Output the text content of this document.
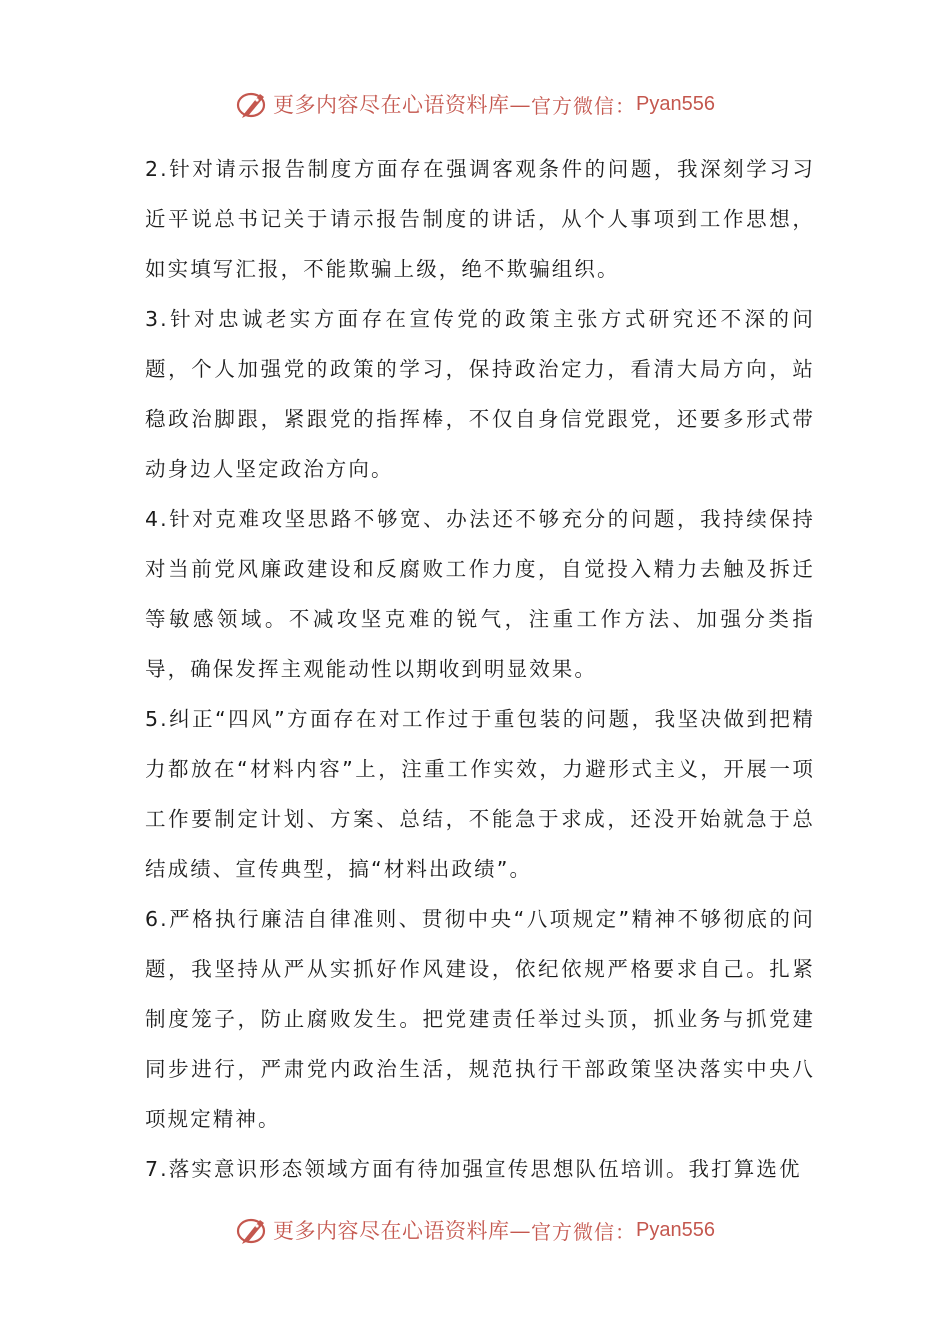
更多内容尽在心语资料库— 官方微信： Pyan556

2.针对请示报告制度方面存在强调客观条件的问题，我深刻学习习近平说总书记关于请示报告制度的讲话，从个人事项到工作思想，如实填写汇报，不能欺骗上级，绝不欺骗组织。

3.针对忠诚老实方面存在宣传党的政策主张方式研究还不深的问题，个人加强党的政策的学习，保持政治定力，看清大局方向，站稳政治脚跟，紧跟党的指挥棒，不仅自身信党跟党，还要多形式带动身边人坚定政治方向。

4.针对克难攻坚思路不够宽、办法还不够充分的问题，我持续保持对当前党风廉政建设和反腐败工作力度，自觉投入精力去触及拆迁等敏感领域。不减攻坚克难的锐气，注重工作方法、加强分类指导，确保发挥主观能动性以期收到明显效果。

5.纠正“四风”方面存在对工作过于重包装的问题，我坚决做到把精力都放在“材料内容”上，注重工作实效，力避形式主义，开展一项工作要制定计划、方案、总结，不能急于求成，还没开始就急于总结成绩、宣传典型，搞“材料出政绩”。

6.严格执行廉洁自律准则、贯彻中央“八项规定”精神不够彻底的问题，我坚持从严从实抓好作风建设，依纪依规严格要求自己。扎紧制度笼子，防止腐败发生。把党建责任举过头顶，抓业务与抓党建同步进行，严肃党内政治生活，规范执行干部政策坚决落实中央八项规定精神。

7.落实意识形态领域方面有待加强宣传思想队伍培训。我打算选优

更多内容尽在心语资料库— 官方微信： Pyan556
